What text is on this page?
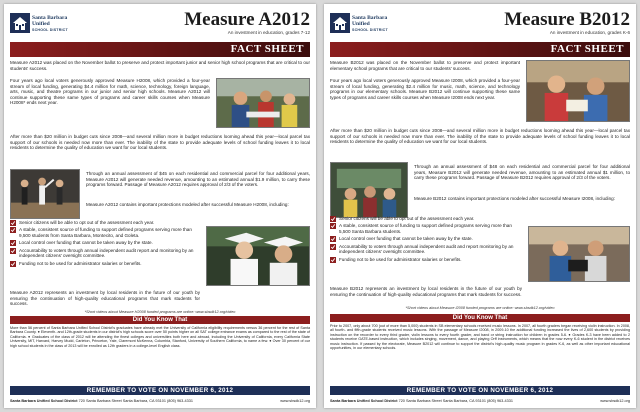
Santa Barbara
Unified
SCHOOL DISTRICT	Measure A2012
An investment in education, grades 7-12
FACT SHEET
Measure A2012 was placed on the November ballot to preserve and protect important junior and senior high school programs that are critical to our students' success.
Four years ago local voters generously approved Measure H2008, which provided a four-year stream of local funding, generating $4.4 million for math, science, technology, foreign language, arts, music, and theatre programs in our junior and senior high schools. Measure A2012 will continue supporting these same types of programs and career skills courses when Measure H2008* ends next year.
After more than $20 million in budget cuts since 2008—and several million more in budget reductions looming ahead this year—local parcel tax support of our schools is needed now more than ever. The inability of the state to provide adequate levels of school funding leaves it to local residents to determine the quality of education we want for our local students.
Through an annual assessment of $45 on each residential and commercial parcel for four additional years, Measure A2012 will generate needed revenue, amounting to an estimated annual $1.9 million, to carry these programs forward. Passage of Measure A2012 requires approval of 2/3 of the voters.
Measure A2012 contains important protections modeled after successful Measure H2008, including:
Senior citizens will be able to opt out of the assessment each year.
A stable, consistent source of funding to support defined programs serving more than 9,500 students from Santa Barbara, Montecito, and Goleta.
Local control over funding that cannot be taken away by the state.
Accountability to voters through annual independent audit report and monitoring by an independent citizens' oversight committee.
Funding not to be used for administrator salaries or benefits.
Measure A2012 represents an investment by local residents in the future of our youth by ensuring the continuation of high-quality educational programs that mark students for success.
*Short videos about Measure H2008 funded programs are online: www.sbsdk12.org/video
Did You Know That
More than 56 percent of Santa Barbara Unified School District's graduates have already met the University of California eligibility requirements versus 36 percent for the rest of Santa Barbara County. ● Eleventh- and 12th-grade students in our district's high schools score over 50 points higher on all SAT college entrance exams as compared to the rest of the state of California. ● Graduates of the class of 2012 will be attending the finest colleges and universities both here and abroad, including the University of California, every California State University, MIT, Harvard, Harvey Mudd, Carleton, Princeton, Yale, Claremont McKenna, Columbia, Stanford, University of Southern California, to name a few. ● Over 30 percent of our high school students in the class of 2013 will be enrolled as 12th graders in a college-level English class.
REMEMBER TO VOTE ON NOVEMBER 6, 2012
Santa Barbara Unified School District 720 Santa Barbara Street Santa Barbara, CA 93101 (805) 963-4331	www.sbsdk12.org
Santa Barbara
Unified
SCHOOL DISTRICT	Measure B2012
An investment in education, grades K-6
FACT SHEET
Measure B2012 was placed on the November ballot to preserve and protect important elementary school programs that are critical to our students' success.
Four years ago local voters generously approved Measure I2008, which provided a four-year stream of local funding, generating $2.4 million for music, math, science, and technology programs in our elementary schools. Measure B2012 will continue supporting these same types of programs and career skills courses when Measure I2008 ends next year.
After more than $20 million in budget cuts since 2008—and several million more in budget reductions looming ahead this year—local parcel tax support of our schools is needed now more than ever. The inability of the state to provide adequate levels of school funding leaves it to local residents to determine the quality of education we want for our local students.
Through an annual assessment of $48 on each residential and commercial parcel for four additional years, Measure B2012 will generate needed revenue, amounting to an estimated annual $1 million, to carry these programs forward. Passage of Measure B2012 requires approval of 2/3 of the voters.
Measure B2012 contains important protections modeled after successful Measure I2008, including:
Senior citizens will be able to opt out of the assessment each year.
A stable, consistent source of funding to support defined programs serving more than 5,500 Santa Barbara students.
Local control over funding that cannot be taken away by the state.
Accountability to voters through annual independent audit and report monitoring by an independent citizens' oversight committee.
Funding not to be used for administrator salaries or benefits.
Measure B2012 represents an investment by local residents in the future of our youth by ensuring the continuation of high-quality educational programs that mark students for success.
*Short videos about Measure I2008 funded programs are online: www.sbsdk12.org/video
Did You Know That
Prior to 2007, only about 700 (out of more than 5,000) students in SB elementary schools received music lessons. In 2007, all fourth graders began receiving violin instruction. In 2008, all fourth- and fifth-grade students received music lessons. With the passage of Measure I2008, in 2009-10 the additional funding increased the lives of 2,600 students by providing instruction on the recorder to every third grader, violin lessons to every fourth grader, and band or string instruction for children in grades 5-6. ● Grades K-3 have been added to 2 students receive GATE-based instruction, which includes singing, movement, dance, and playing Orff instruments, which means that the now every K-6 student in the district receives music instruction. If passed by the electorate, Measure B2012 will continue to support the district's high-quality music program in grades K-6, as well as other important educational opportunities, in our elementary schools.
REMEMBER TO VOTE ON NOVEMBER 6, 2012
Santa Barbara Unified School District 720 Santa Barbara Street Santa Barbara, CA 93101 (805) 963-4331	www.sbsdk12.org
